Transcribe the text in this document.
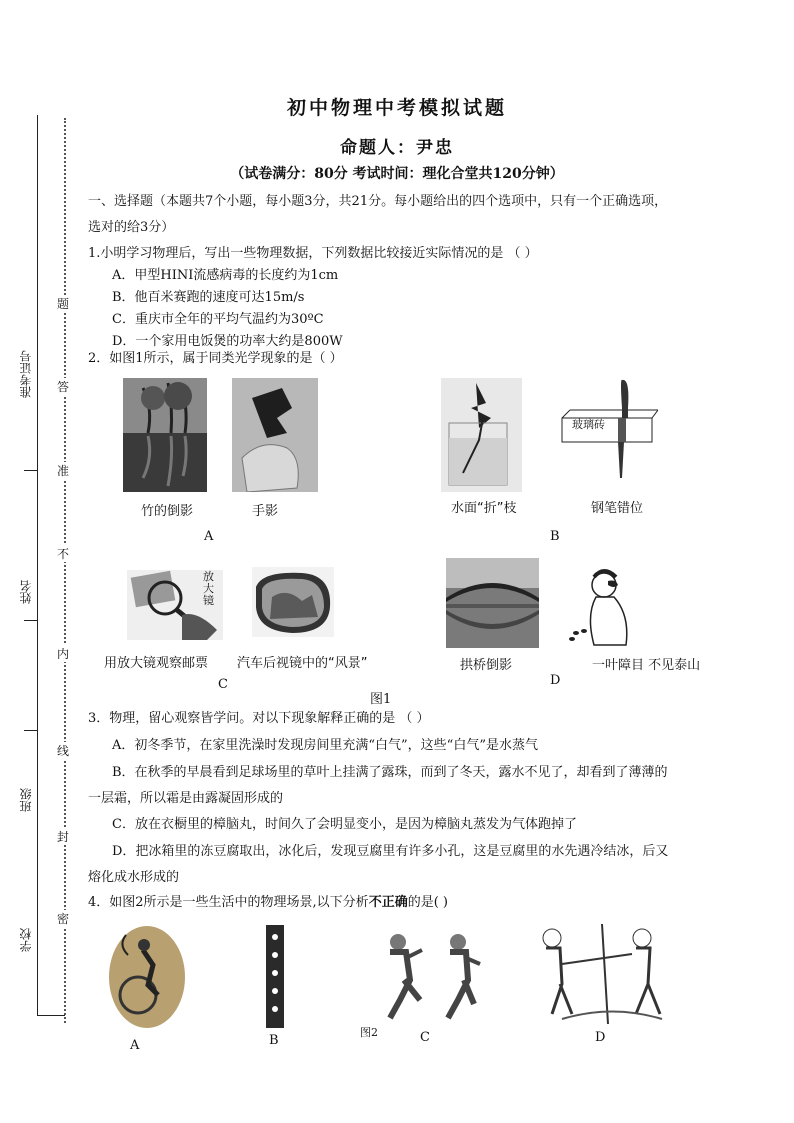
准考证号
姓名
班级
学校
题
答
准
不
内
线
封
密
初中物理中考模拟试题
命题人：尹忠
（试卷满分：80分 考试时间：理化合堂共120分钟）
一、选择题（本题共7个小题，每小题3分，共21分。每小题给出的四个选项中，只有一个正确选项，
选对的给3分）
1.小明学习物理后，写出一些物理数据，下列数据比较接近实际情况的是 （ ）
A．甲型HINI流感病毒的长度约为1cm
B．他百米赛跑的速度可达15m/s
C．重庆市全年的平均气温约为30ºC
D．一个家用电饭煲的功率大约是800W
2．如图1所示，属于同类光学现象的是（ ）
玻璃砖
竹的倒影	手影	水面“折”枝	钢笔错位
A	B
放大镜
用放大镜观察邮票 汽车后视镜中的“风景”	拱桥倒影	一叶障目 不见泰山
C	D
图1
3．物理，留心观察皆学问。对以下现象解释正确的是 （ ）
A．初冬季节，在家里洗澡时发现房间里充满“白气”，这些“白气”是水蒸气
B．在秋季的早晨看到足球场里的草叶上挂满了露珠，而到了冬天，露水不见了，却看到了薄薄的
一层霜，所以霜是由露凝固形成的
C．放在衣橱里的樟脑丸，时间久了会明显变小，是因为樟脑丸蒸发为气体跑掉了
D．把冰箱里的冻豆腐取出，冰化后，发现豆腐里有许多小孔，这是豆腐里的水先遇冷结冰，后又
熔化成水形成的
4．如图2所示是一些生活中的物理场景,以下分析不正确的是( )
A	B
图2	C	D
